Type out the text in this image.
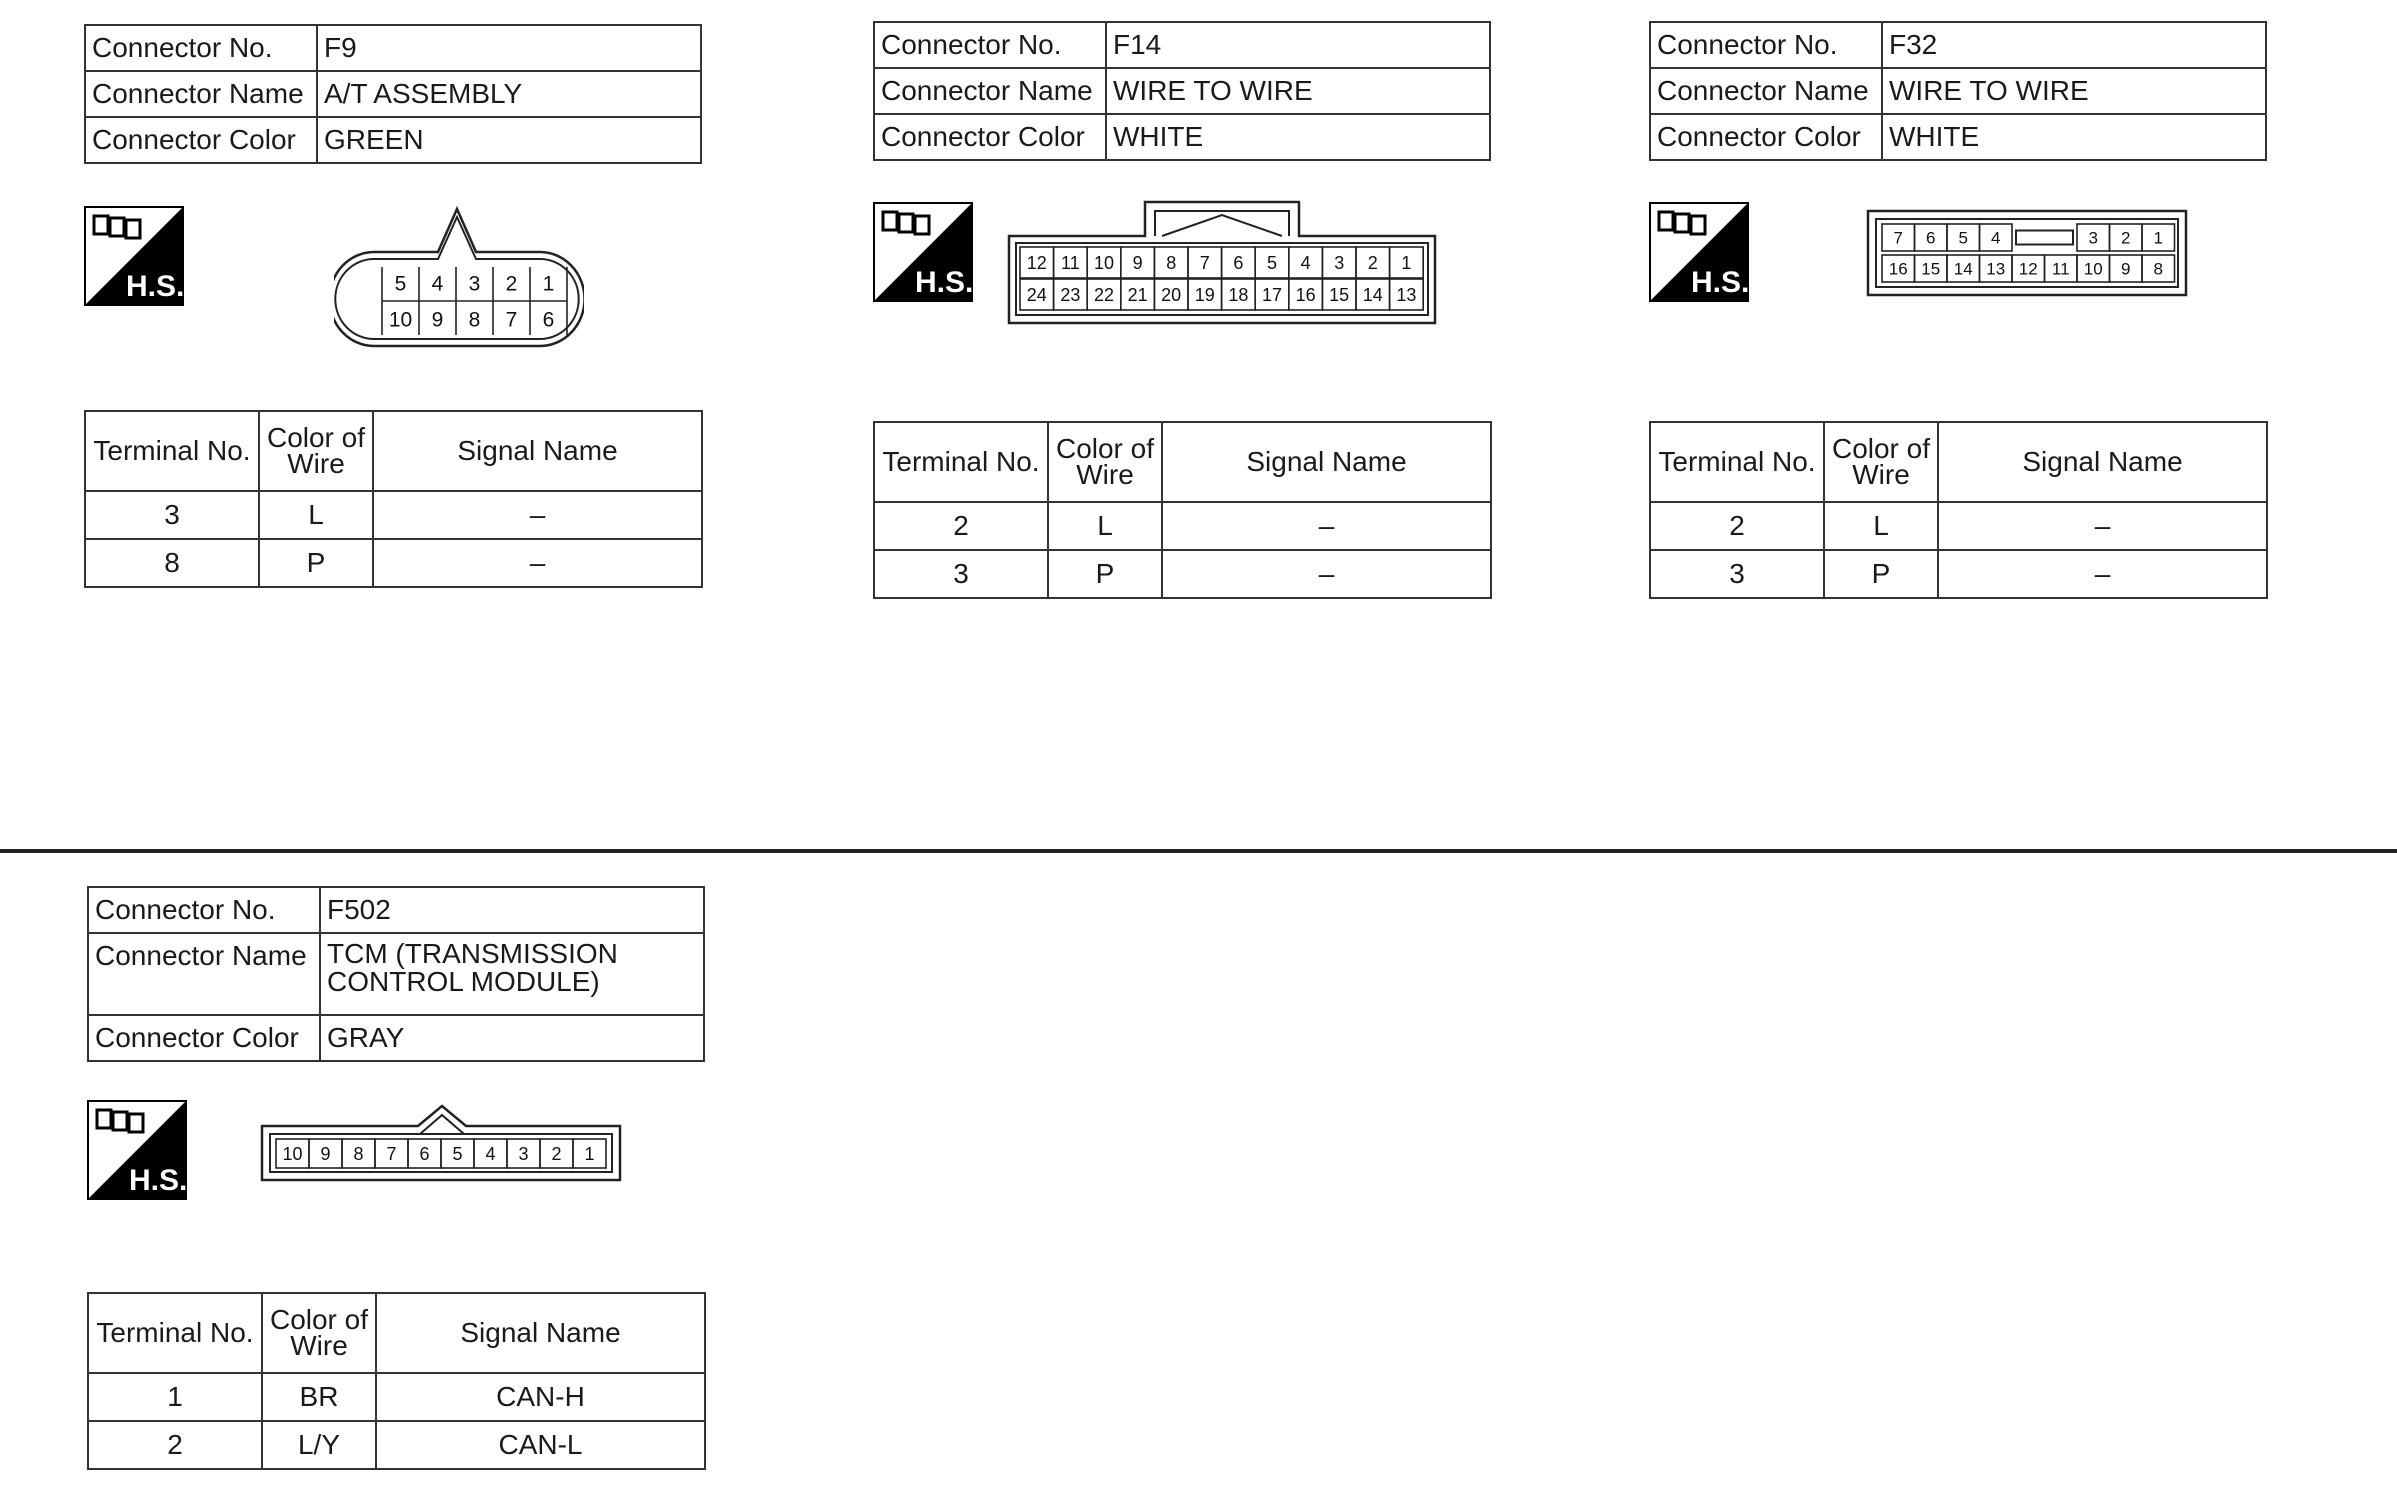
Connector No.	F9
Connector Name	A/T ASSEMBLY
Connector Color	GREEN
H.S.	5 4 3 2 1
10 9 8 7 6
Terminal No.	Color of Wire	Signal Name
3	L	–
8	P	–
Connector No.	F14
Connector Name	WIRE TO WIRE
Connector Color	WHITE
H.S.
12 11 10 9 8 7 6 5 4 3 2 1
24 23 22 21 20 19 18 17 16 15 14 13
Terminal No.	Color of Wire	Signal Name
2	L	–
3	P	–
Connector No.	F32
Connector Name	WIRE TO WIRE
Connector Color	WHITE
H.S.
7 6 5 4	3 2 1
16 15 14 13 12 11 10 9 8
Terminal No.	Color of Wire	Signal Name
2	L	–
3	P	–
Connector No.	F502
Connector Name	TCM (TRANSMISSION CONTROL MODULE)
Connector Color	GRAY
H.S.
10 9 8 7 6 5 4 3 2 1
Terminal No.	Color of Wire	Signal Name
1	BR	CAN-H
2	L/Y	CAN-L
